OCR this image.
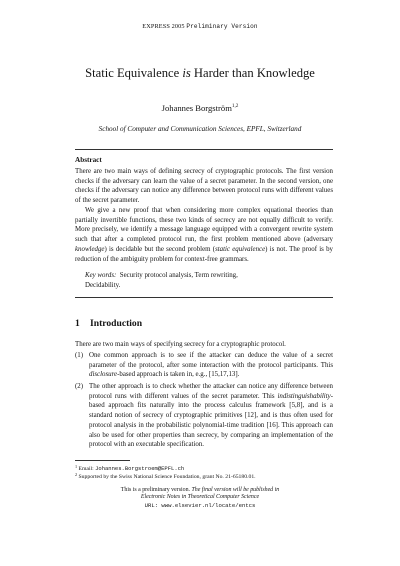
EXPRESS 2005 Preliminary Version
Static Equivalence is Harder than Knowledge
Johannes Borgström$^{1,2}$
School of Computer and Communication Sciences, EPFL, Switzerland
Abstract
There are two main ways of defining secrecy of cryptographic protocols. The first version checks if the adversary can learn the value of a secret parameter. In the second version, one checks if the adversary can notice any difference between protocol runs with different values of the secret parameter.
We give a new proof that when considering more complex equational theories than partially invertible functions, these two kinds of secrecy are not equally difficult to verify. More precisely, we identify a message language equipped with a convergent rewrite system such that after a completed protocol run, the first problem mentioned above (adversary knowledge) is decidable but the second problem (static equivalence) is not. The proof is by reduction of the ambiguity problem for context-free grammars.
Key words: Security protocol analysis, Term rewriting,
Decidability.
1 Introduction
There are two main ways of specifying secrecy for a cryptographic protocol.
(1) One common approach is to see if the attacker can deduce the value of a secret parameter of the protocol, after some interaction with the protocol participants. This disclosure-based approach is taken in, e.g., [15,17,13].
(2) The other approach is to check whether the attacker can notice any difference between protocol runs with different values of the secret parameter. This indistinguishability-based approach fits naturally into the process calculus framework [5,8], and is a standard notion of secrecy of cryptographic primitives [12], and is thus often used for protocol analysis in the probabilistic polynomial-time tradition [16]. This approach can also be used for other properties than secrecy, by comparing an implementation of the protocol with an executable specification.
$^1$ Email: Johannes.Borgstroem@EPFL.ch
$^2$ Supported by the Swiss National Science Foundation, grant No. 21-65180.01.
This is a preliminary version. The final version will be published in
Electronic Notes in Theoretical Computer Science
URL: www.elsevier.nl/locate/entcs
